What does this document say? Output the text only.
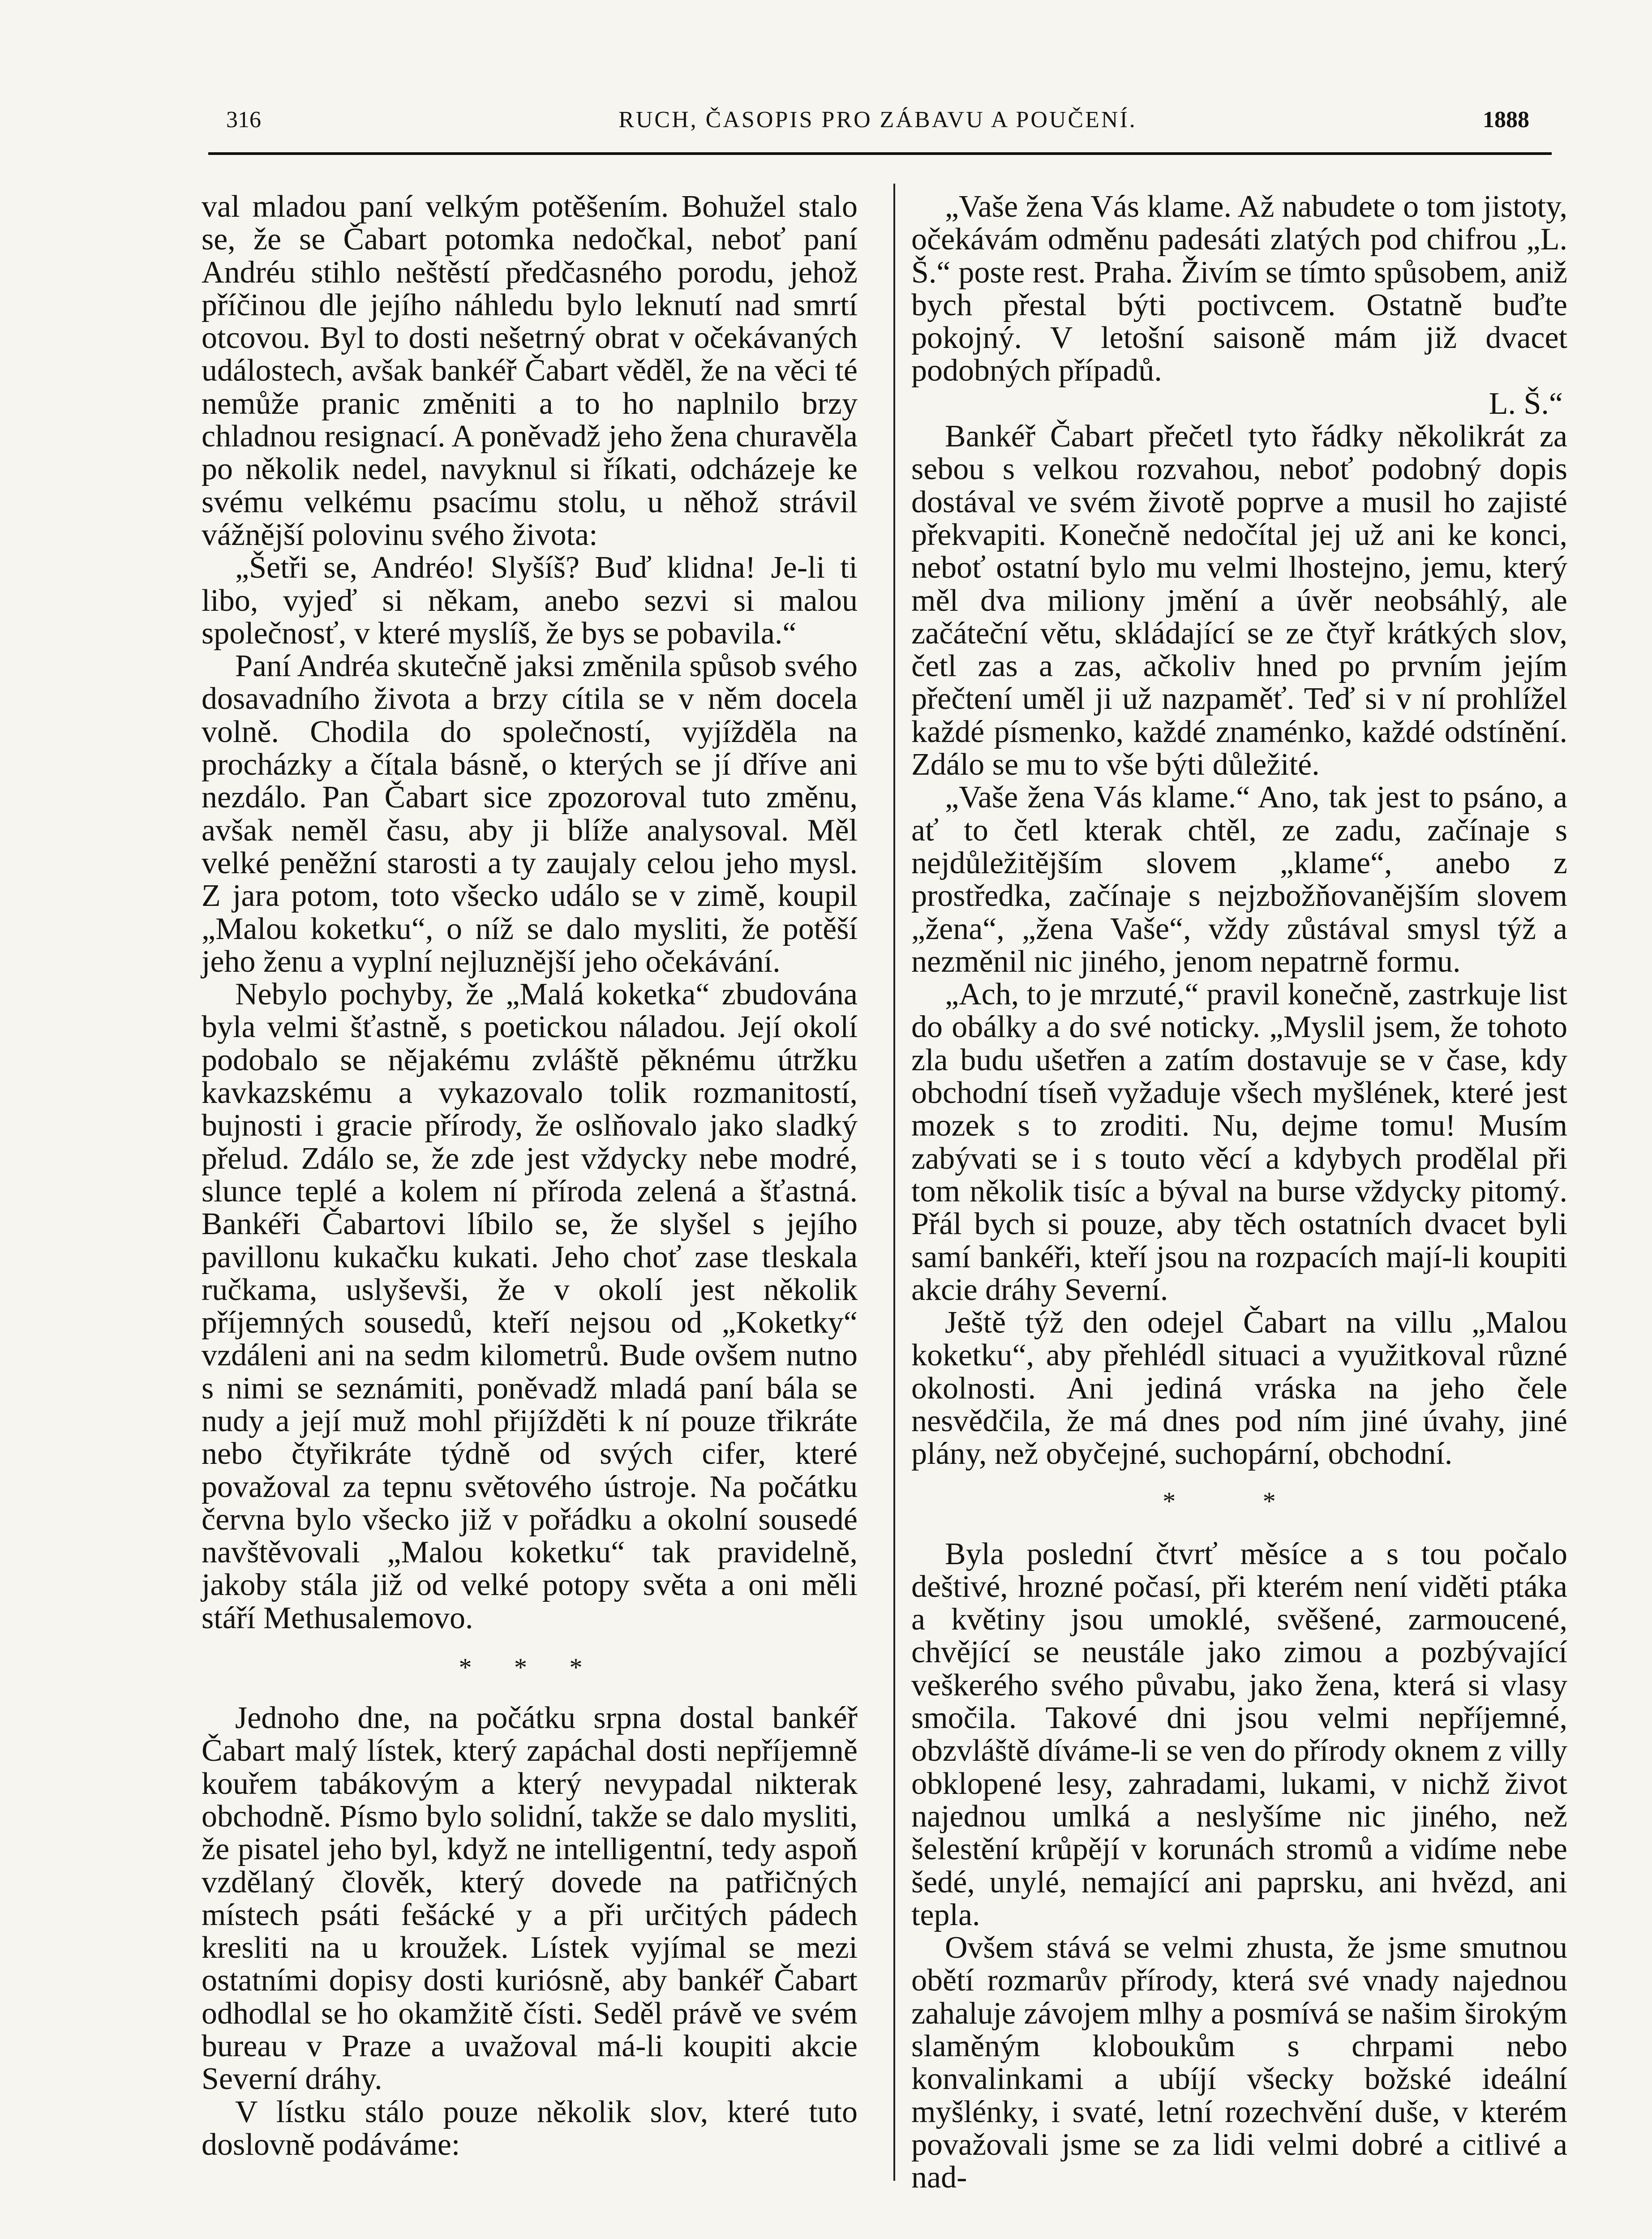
316	RUCH, ČASOPIS PRO ZÁBAVU A POUČENÍ.	1888

val mladou paní velkým potěšením. Bohužel stalo se, že se Čabart potomka nedočkal, neboť paní Andréu stihlo neštěstí předčasného porodu, jehož příčinou dle jejího náhledu bylo leknutí nad smrtí otcovou. Byl to dosti nešetrný obrat v očekávaných událostech, avšak bankéř Čabart věděl, že na věci té nemůže pranic změniti a to ho naplnilo brzy chladnou resignací. A poněvadž jeho žena churavěla po několik nedel, navyknul si říkati, odcházeje ke svému velkému psacímu stolu, u něhož strávil vážnější polovinu svého života:

„Šetři se, Andréo! Slyšíš? Buď klidna! Je-li ti libo, vyjeď si někam, anebo sezvi si malou společnosť, v které myslíš, že bys se pobavila.“

Paní Andréa skutečně jaksi změnila spůsob svého dosavadního života a brzy cítila se v něm docela volně. Chodila do společností, vyjížděla na procházky a čítala básně, o kterých se jí dříve ani nezdálo. Pan Čabart sice zpozoroval tuto změnu, avšak neměl času, aby ji blíže analysoval. Měl velké peněžní starosti a ty zaujaly celou jeho mysl. Z jara potom, toto všecko událo se v zimě, koupil „Malou koketku“, o níž se dalo mysliti, že potěší jeho ženu a vyplní nejluznější jeho očekávání.

Nebylo pochyby, že „Malá koketka“ zbudována byla velmi šťastně, s poetickou náladou. Její okolí podobalo se nějakému zvláště pěknému útržku kavkazskému a vykazovalo tolik rozmanitostí, bujnosti i gracie přírody, že oslňovalo jako sladký přelud. Zdálo se, že zde jest vždycky nebe modré, slunce teplé a kolem ní příroda zelená a šťastná. Bankéři Čabartovi líbilo se, že slyšel s jejího pavillonu kukačku kukati. Jeho choť zase tleskala ručkama, uslyševši, že v okolí jest několik příjemných sousedů, kteří nejsou od „Koketky“ vzdáleni ani na sedm kilometrů. Bude ovšem nutno s nimi se seznámiti, poněvadž mladá paní bála se nudy a její muž mohl přijížděti k ní pouze třikráte nebo čtyřikráte týdně od svých cifer, které považoval za tepnu světového ústroje. Na počátku června bylo všecko již v pořádku a okolní sousedé navštěvovali „Malou koketku“ tak pravidelně, jakoby stála již od velké potopy světa a oni měli stáří Methusalemovo.

* * *

Jednoho dne, na počátku srpna dostal bankéř Čabart malý lístek, který zapáchal dosti nepříjemně kouřem tabákovým a který nevypadal nikterak obchodně. Písmo bylo solidní, takže se dalo mysliti, že pisatel jeho byl, když ne intelligentní, tedy aspoň vzdělaný člověk, který dovede na patřičných místech psáti fešácké y a při určitých pádech kresliti na u kroužek. Lístek vyjímal se mezi ostatními dopisy dosti kuriósně, aby bankéř Čabart odhodlal se ho okamžitě čísti. Seděl právě ve svém bureau v Praze a uvažoval má-li koupiti akcie Severní dráhy.

V lístku stálo pouze několik slov, které tuto doslovně podáváme:

„Vaše žena Vás klame. Až nabudete o tom jistoty, očekávám odměnu padesáti zlatých pod chifrou „L. Š.“ poste rest. Praha. Živím se tímto spůsobem, aniž bych přestal býti poctivcem. Ostatně buďte pokojný. V letošní saisoně mám již dvacet podobných případů.

L. Š.“

Bankéř Čabart přečetl tyto řádky několikrát za sebou s velkou rozvahou, neboť podobný dopis dostával ve svém životě poprve a musil ho zajisté překvapiti. Konečně nedočítal jej už ani ke konci, neboť ostatní bylo mu velmi lhostejno, jemu, který měl dva miliony jmění a úvěr neobsáhlý, ale začáteční větu, skládající se ze čtyř krátkých slov, četl zas a zas, ačkoliv hned po prvním jejím přečtení uměl ji už nazpaměť. Teď si v ní prohlížel každé písmenko, každé znaménko, každé odstínění. Zdálo se mu to vše býti důležité.

„Vaše žena Vás klame.“ Ano, tak jest to psáno, a ať to četl kterak chtěl, ze zadu, začínaje s nejdůležitějším slovem „klame“, anebo z prostředka, začínaje s nejzbožňovanějším slovem „žena“, „žena Vaše“, vždy zůstával smysl týž a nezměnil nic jiného, jenom nepatrně formu.

„Ach, to je mrzuté,“ pravil konečně, zastrkuje list do obálky a do své noticky. „Myslil jsem, že tohoto zla budu ušetřen a zatím dostavuje se v čase, kdy obchodní tíseň vyžaduje všech myšlének, které jest mozek s to zroditi. Nu, dejme tomu! Musím zabývati se i s touto věcí a kdybych prodělal při tom několik tisíc a býval na burse vždycky pitomý. Přál bych si pouze, aby těch ostatních dvacet byli samí bankéři, kteří jsou na rozpacích mají-li koupiti akcie dráhy Severní.

Ještě týž den odejel Čabart na villu „Malou koketku“, aby přehlédl situaci a využitkoval různé okolnosti. Ani jediná vráska na jeho čele nesvědčila, že má dnes pod ním jiné úvahy, jiné plány, než obyčejné, suchopární, obchodní.

* *

Byla poslední čtvrť měsíce a s tou počalo deštivé, hrozné počasí, při kterém není viděti ptáka a květiny jsou umoklé, svěšené, zarmoucené, chvějící se neustále jako zimou a pozbývající veškerého svého půvabu, jako žena, která si vlasy smočila. Takové dni jsou velmi nepříjemné, obzvláště díváme-li se ven do přírody oknem z villy obklopené lesy, zahradami, lukami, v nichž život najednou umlká a neslyšíme nic jiného, než šelestění krůpějí v korunách stromů a vidíme nebe šedé, unylé, nemající ani paprsku, ani hvězd, ani tepla.

Ovšem stává se velmi zhusta, že jsme smutnou obětí rozmarův přírody, která své vnady najednou zahaluje závojem mlhy a posmívá se našim širokým slaměným kloboukům s chrpami nebo konvalinkami a ubíjí všecky božské ideální myšlénky, i svaté, letní rozechvění duše, v kterém považovali jsme se za lidi velmi dobré a citlivé a nad-
